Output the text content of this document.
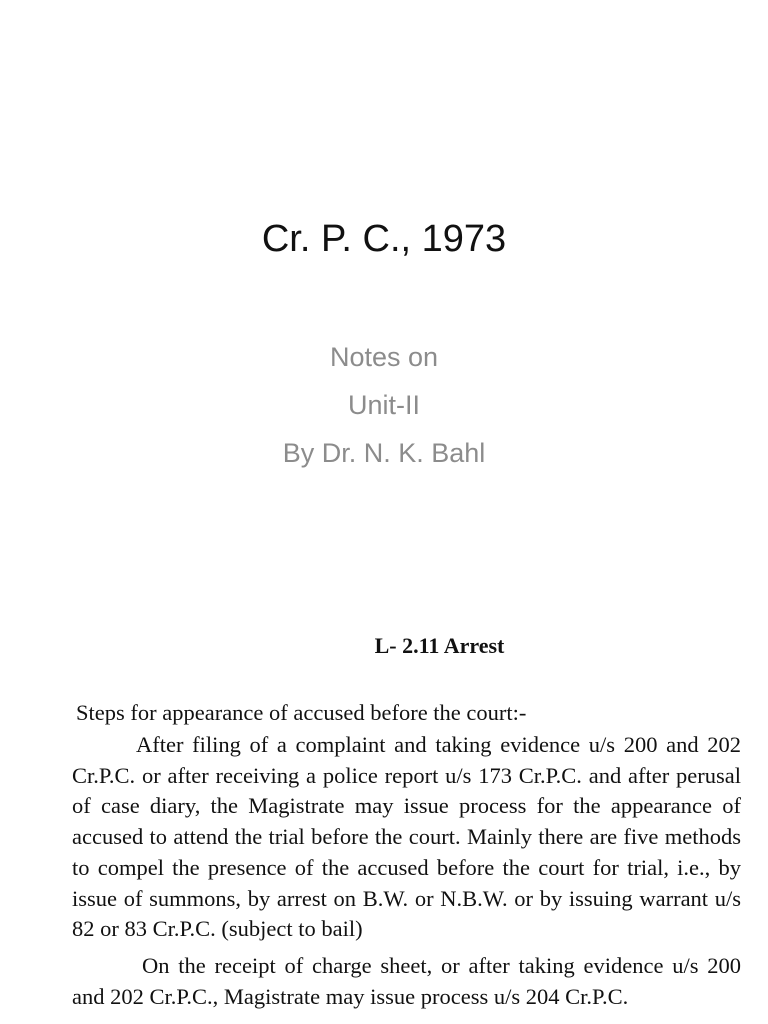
Cr. P. C., 1973
Notes on
Unit-II
By Dr. N. K. Bahl
L- 2.11 Arrest
Steps for appearance of accused before the court:-

After filing of a complaint and taking evidence u/s 200 and 202 Cr.P.C. or after receiving a police report u/s 173 Cr.P.C. and after perusal of case diary, the Magistrate may issue process for the appearance of accused to attend the trial before the court. Mainly there are five methods to compel the presence of the accused before the court for trial, i.e., by issue of summons, by arrest on B.W. or N.B.W. or by issuing warrant u/s 82 or 83 Cr.P.C. (subject to bail)

On the receipt of charge sheet, or after taking evidence u/s 200 and 202 Cr.P.C., Magistrate may issue process u/s 204 Cr.P.C.
